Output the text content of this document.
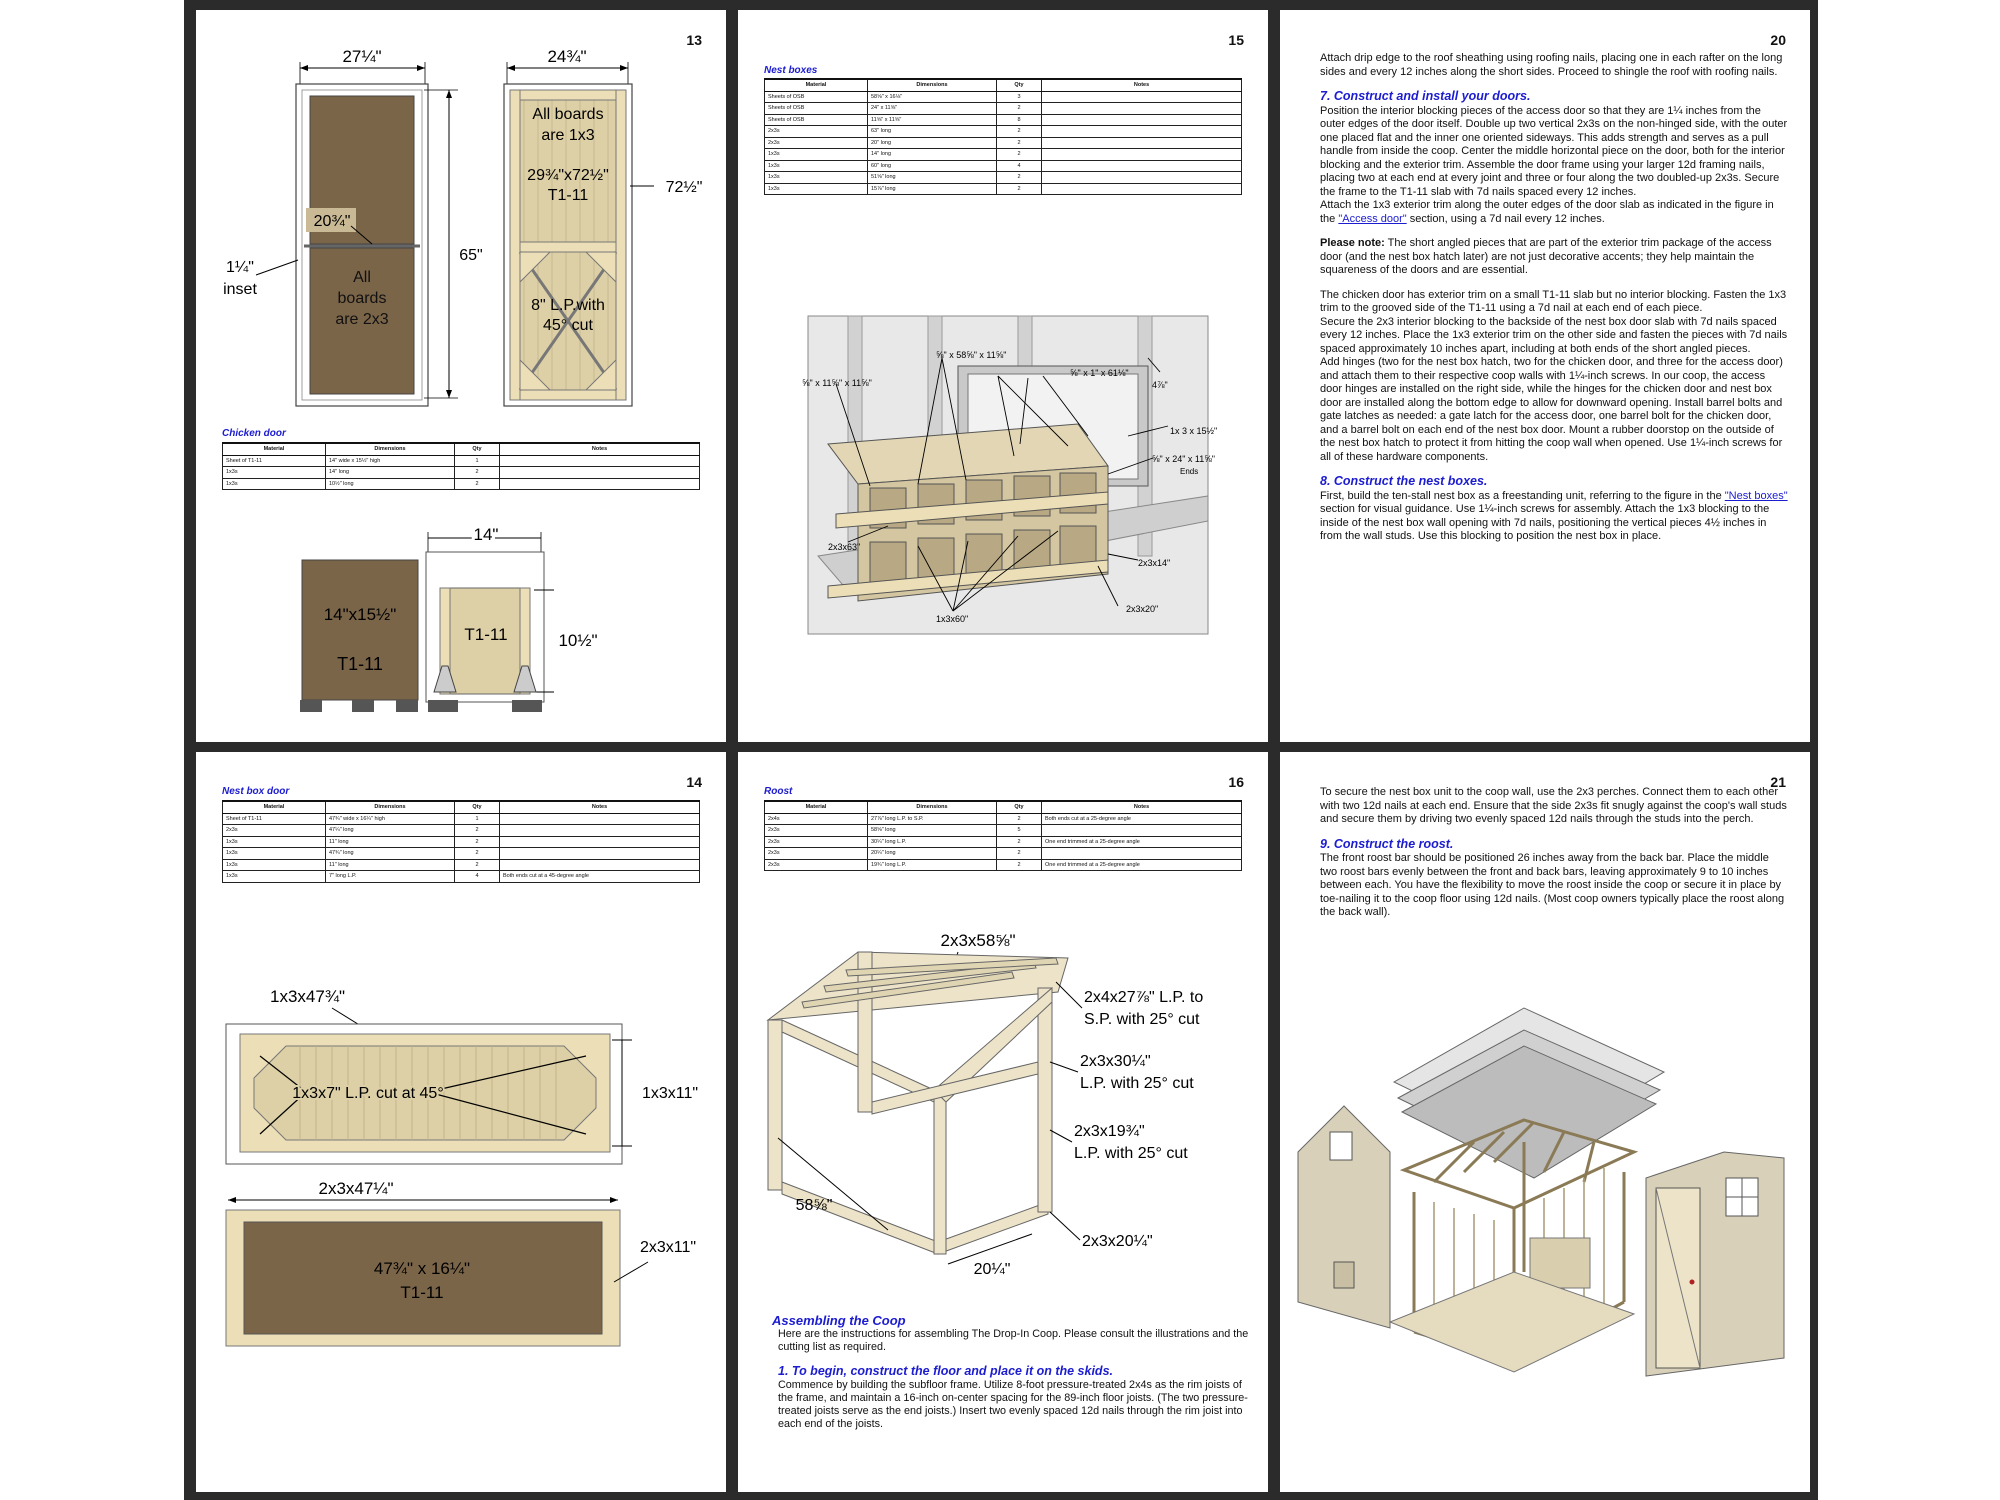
13
27¼"
20¾"
All
boards
are 2x3
1¼"
inset
65"
24¾"
All boards
are 1x3
29¾"x72½"
T1-11
8" L.P.with
45° cut
72½"
Chicken door
Material	Dimensions	Qty	Notes
Sheet of T1-11	14" wide x 15½" high	1	
1x3s	14" long	2	
1x3s	10½" long	2	
14"x15½"
T1-11
14"
T1-11	10½"
15
Nest boxes
Material	Dimensions	Qty	Notes
Sheets of OSB	58⅝" x 16⅛"	3	
Sheets of OSB	24" x 11⅝"	2	
Sheets of OSB	11⅝" x 11⅝"	8	
2x3s	63" long	2	
2x3s	20" long	2	
1x3s	14" long	2	
1x3s	60" long	4	
1x3s	51⅝" long	2	
1x3s	15⅞" long	2	
⅝" x 11⅝" x 11⅝"
⅝" x 58⅝" x 11⅝"
⅝" x 1" x 61⅛"
4⅞"
1x 3 x 15½"
⅝" x 24" x 11⅝"
Ends
2x3x63"
2x3x14"
1x3x60"
2x3x20"
20

Attach drip edge to the roof sheathing using roofing nails, placing one in each rafter on the long sides and every 12 inches along the short sides. Proceed to shingle the roof with roofing nails.

7. Construct and install your doors.

Position the interior blocking pieces of the access door so that they are 1¼ inches from the outer edges of the door itself. Double up two vertical 2x3s on the non-hinged side, with the outer one placed flat and the inner one oriented sideways. This adds strength and serves as a pull handle from inside the coop. Center the middle horizontal piece on the door, both for the interior blocking and the exterior trim. Assemble the door frame using your larger 12d framing nails, placing two at each end at every joint and three or four along the two doubled-up 2x3s. Secure the frame to the T1-11 slab with 7d nails spaced every 12 inches.

Attach the 1x3 exterior trim along the outer edges of the door slab as indicated in the figure in the "Access door" section, using a 7d nail every 12 inches.

Please note: The short angled pieces that are part of the exterior trim package of the access door (and the nest box hatch later) are not just decorative accents; they help maintain the squareness of the doors and are essential.

The chicken door has exterior trim on a small T1-11 slab but no interior blocking. Fasten the 1x3 trim to the grooved side of the T1-11 using a 7d nail at each end of each piece.

Secure the 2x3 interior blocking to the backside of the nest box door slab with 7d nails spaced every 12 inches. Place the 1x3 exterior trim on the other side and fasten the pieces with 7d nails spaced approximately 10 inches apart, including at both ends of the short angled pieces.

Add hinges (two for the nest box hatch, two for the chicken door, and three for the access door) and attach them to their respective coop walls with 1¼-inch screws. In our coop, the access door hinges are installed on the right side, while the hinges for the chicken door and nest box door are installed along the bottom edge to allow for downward opening. Install barrel bolts and gate latches as needed: a gate latch for the access door, one barrel bolt for the chicken door, and a barrel bolt on each end of the nest box door. Mount a rubber doorstop on the outside of the nest box hatch to protect it from hitting the coop wall when opened. Use 1¼-inch screws for all of these hardware components.

8. Construct the nest boxes.

First, build the ten-stall nest box as a freestanding unit, referring to the figure in the "Nest boxes" section for visual guidance. Use 1¼-inch screws for assembly. Attach the 1x3 blocking to the inside of the nest box wall opening with 7d nails, positioning the vertical pieces 4½ inches in from the wall studs. Use this blocking to position the nest box in place.

14
Nest box door
Material	Dimensions	Qty	Notes
Sheet of T1-11	47¾" wide x 16¼" high	1	
2x3s	47¼" long	2	
1x3s	11" long	2	
1x3s	47¾" long	2	
1x3s	11" long	2	
1x3s	7" long L.P.	4	Both ends cut at a 45-degree angle
1x3x47¾"
1x3x7" L.P. cut at 45°	1x3x11"
2x3x47¼"
47¾" x 16¼"
T1-11
2x3x11"
16
Roost
Material	Dimensions	Qty	Notes
2x4s	27⅞" long L.P. to S.P.	2	Both ends cut at a 25-degree angle
2x3s	58⅝" long	5	
2x3s	30¼" long L.P.	2	One end trimmed at a 25-degree angle
2x3s	20¼" long	2	
2x3s	19¾" long L.P.	2	One end trimmed at a 25-degree angle
2x3x58⅝"
2x4x27⅞" L.P. to
S.P. with 25° cut
2x3x30¼"
L.P. with 25° cut
2x3x19¾"
L.P. with 25° cut
58⅝"
20¼"
2x3x20¼"
Assembling the Coop

Here are the instructions for assembling The Drop-In Coop. Please consult the illustrations and the cutting list as required.

1. To begin, construct the floor and place it on the skids.

Commence by building the subfloor frame. Utilize 8-foot pressure-treated 2x4s as the rim joists of the frame, and maintain a 16-inch on-center spacing for the 89-inch floor joists. (The two pressure-treated joists serve as the end joists.) Insert two evenly spaced 12d nails through the rim joist into each end of the joists.

21

To secure the nest box unit to the coop wall, use the 2x3 perches. Connect them to each other with two 12d nails at each end. Ensure that the side 2x3s fit snugly against the coop's wall studs and secure them by driving two evenly spaced 12d nails through the studs into the perch.

9. Construct the roost.

The front roost bar should be positioned 26 inches away from the back bar. Place the middle two roost bars evenly between the front and back bars, leaving approximately 9 to 10 inches between each. You have the flexibility to move the roost inside the coop or secure it in place by toe-nailing it to the coop floor using 12d nails. (Most coop owners typically place the roost along the back wall).
